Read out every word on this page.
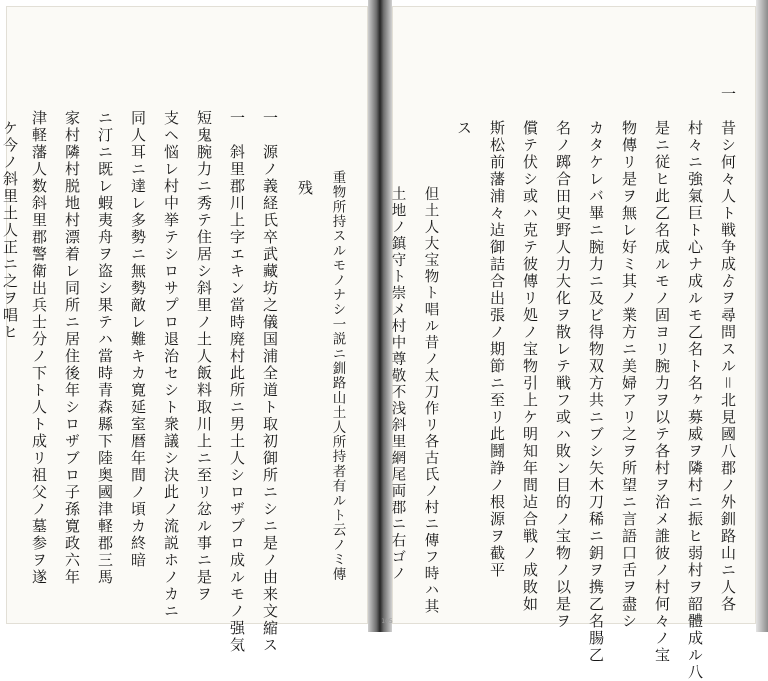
一　昔シ何々人ト戦争成ゟヲ尋問スル＝北見國八郡ノ外釧路山ニ人各
村々ニ強氣巨ト心ナ成ルモ乙名ト名ヶ募威ヲ隣村ニ振ヒ弱村ヲ韶體成ル八
是ニ従ヒ此乙名成ルモノ固ヨリ腕力ヲ以テ各村ヲ治メ誰彼ノ村何々ノ宝
物傳リ是ヲ無レ好ミ其ノ業方ニ美婦アリ之ヲ所望ニ言語口舌ヲ盡シ
カタケレバ畢ニ腕力ニ及ビ得物双方共ニブシ矢木刀稀ニ鈅ヲ携乙名腸乙
名ノ踯合田史野人力大化ヲ散レテ戦フ或ハ敗ン目的ノ宝物ノ以是ヲ
償テ伏シ或ハ克テ彼傳リ処ノ宝物引上ケ明知年間迠合戦ノ成敗如
斯松前藩浦々迠御詰合出張ノ期節ニ至リ此鬪諍ノ根源ヲ截平
ス
但土人大宝物ト唱ル昔ノ太刀作リ各古氏ノ村ニ傳フ時ハ其
土地ノ鎮守ト崇メ村中尊敬不浅斜里網尾両郡ニ右ゴノ
重物所持スルモノナシ一説ニ釧路山土人所持者有ルト云ノミ傳
残
一　源ノ義経氏卒武藏坊之儀国浦全道ト取初御所ニシニ是ノ由来文縮ス
一　斜里郡川上字エキン當時廃村此所ニ男土人シロザプロ成ルモノ强気
短鬼腕力ニ秀テ住居シ斜里ノ土人飯料取川上ニ至リ忿ル事ニ是ヲ
支ヘ悩レ村中挙テシロサプロ退治セシト衆議シ決此ノ流説ホノカニ
同人耳ニ達レ多勢ニ無勢敵レ難キカ寛延室暦年間ノ頃カ終暗
ニ汀ニ既レ蝦夷舟ヲ盗シ果テハ當時青森縣下陸奥國津軽郡三馬
家村隣村脱地村漂着レ同所ニ居住後年シロザブロ子孫寛政六年
津軽藩人数斜里郡警衛出兵士分ノ下ト人ト成リ祖父ノ墓参ヲ遂
ケ今ノ斜里土人正ニ之ヲ唱ヒ
105
